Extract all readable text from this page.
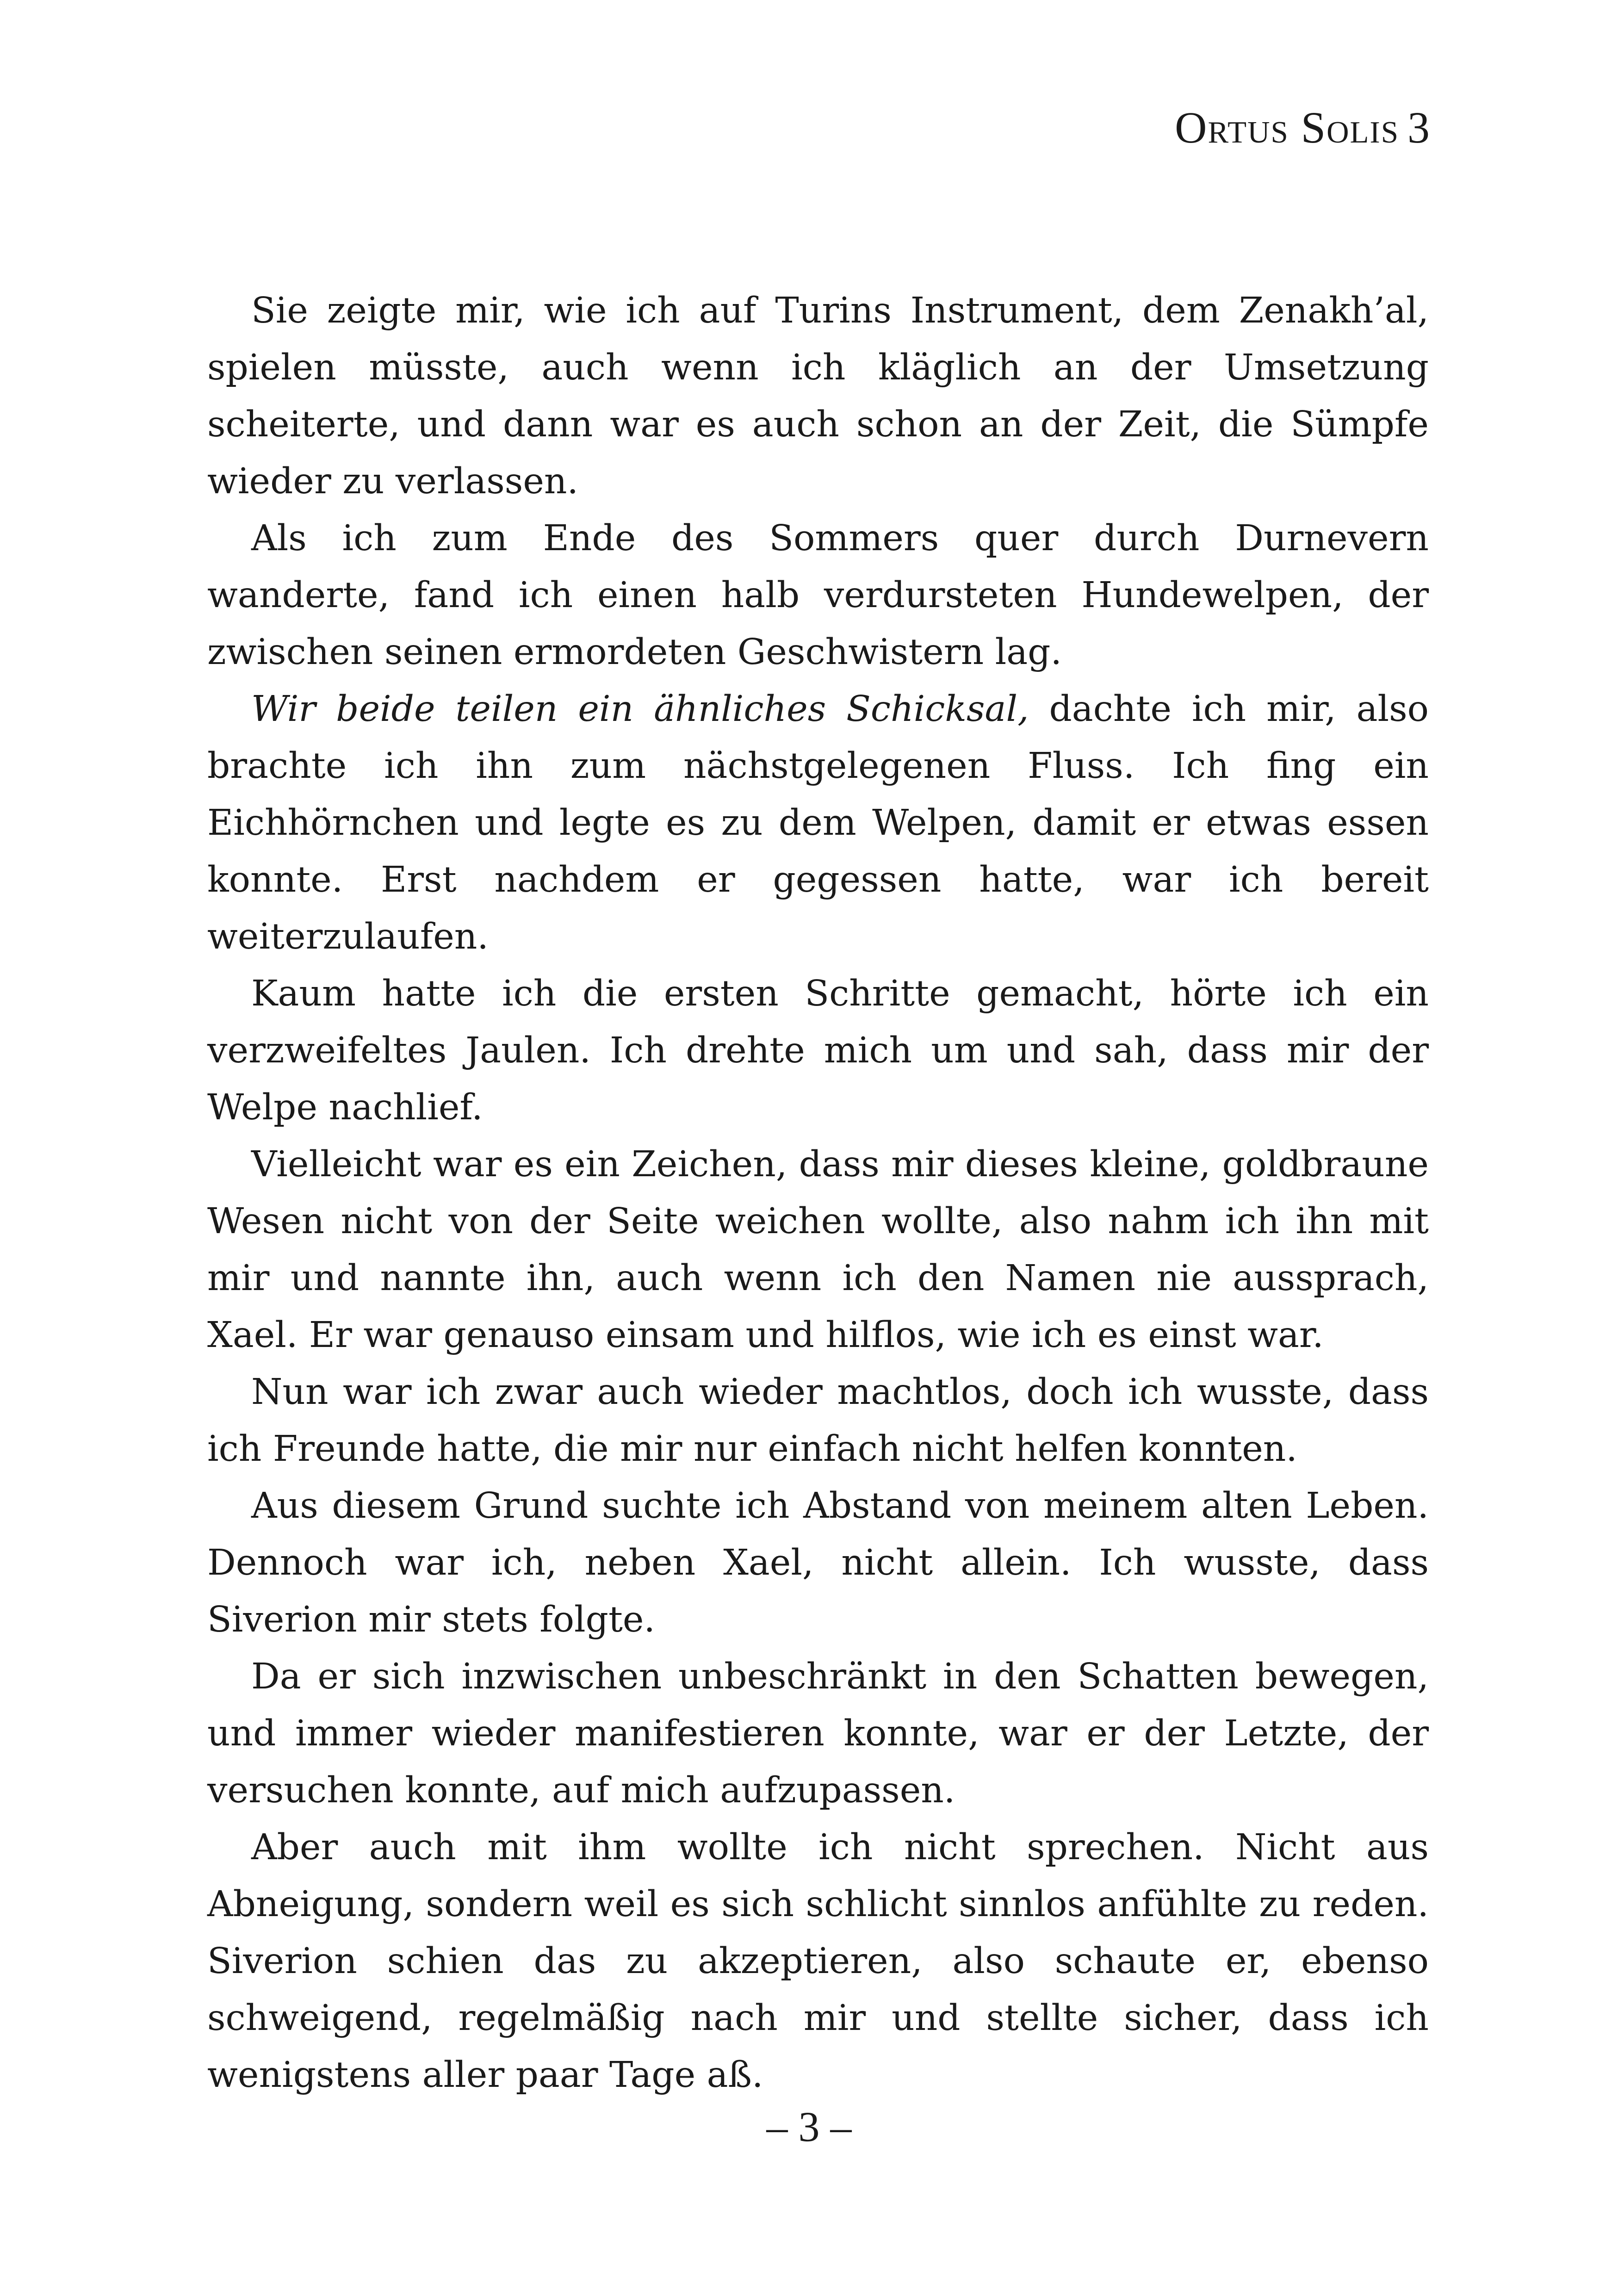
Ortus Solis 3

Sie zeigte mir, wie ich auf Turins Instrument, dem Zenakh’al, spielen müsste, auch wenn ich kläglich an der Umsetzung scheiterte, und dann war es auch schon an der Zeit, die Sümpfe wieder zu verlassen.

Als ich zum Ende des Sommers quer durch Durnevern wanderte, fand ich einen halb verdursteten Hundewelpen, der zwischen seinen ermordeten Geschwistern lag.

Wir beide teilen ein ähnliches Schicksal, dachte ich mir, also brachte ich ihn zum nächstgelegenen Fluss. Ich fing ein Eichhörnchen und legte es zu dem Welpen, damit er etwas essen konnte. Erst nachdem er gegessen hatte, war ich bereit weiterzulaufen.

Kaum hatte ich die ersten Schritte gemacht, hörte ich ein verzweifeltes Jaulen. Ich drehte mich um und sah, dass mir der Welpe nachlief.

Vielleicht war es ein Zeichen, dass mir dieses kleine, goldbraune Wesen nicht von der Seite weichen wollte, also nahm ich ihn mit mir und nannte ihn, auch wenn ich den Namen nie aussprach, Xael. Er war genauso einsam und hilflos, wie ich es einst war.

Nun war ich zwar auch wieder machtlos, doch ich wusste, dass ich Freunde hatte, die mir nur einfach nicht helfen konnten.

Aus diesem Grund suchte ich Abstand von meinem alten Leben. Dennoch war ich, neben Xael, nicht allein. Ich wusste, dass Siverion mir stets folgte.

Da er sich inzwischen unbeschränkt in den Schatten bewegen, und immer wieder manifestieren konnte, war er der Letzte, der versuchen konnte, auf mich aufzupassen.

Aber auch mit ihm wollte ich nicht sprechen. Nicht aus Abneigung, sondern weil es sich schlicht sinnlos anfühlte zu reden. Siverion schien das zu akzeptieren, also schaute er, ebenso schweigend, regelmäßig nach mir und stellte sicher, dass ich wenigstens aller paar Tage aß.

– 3 –
